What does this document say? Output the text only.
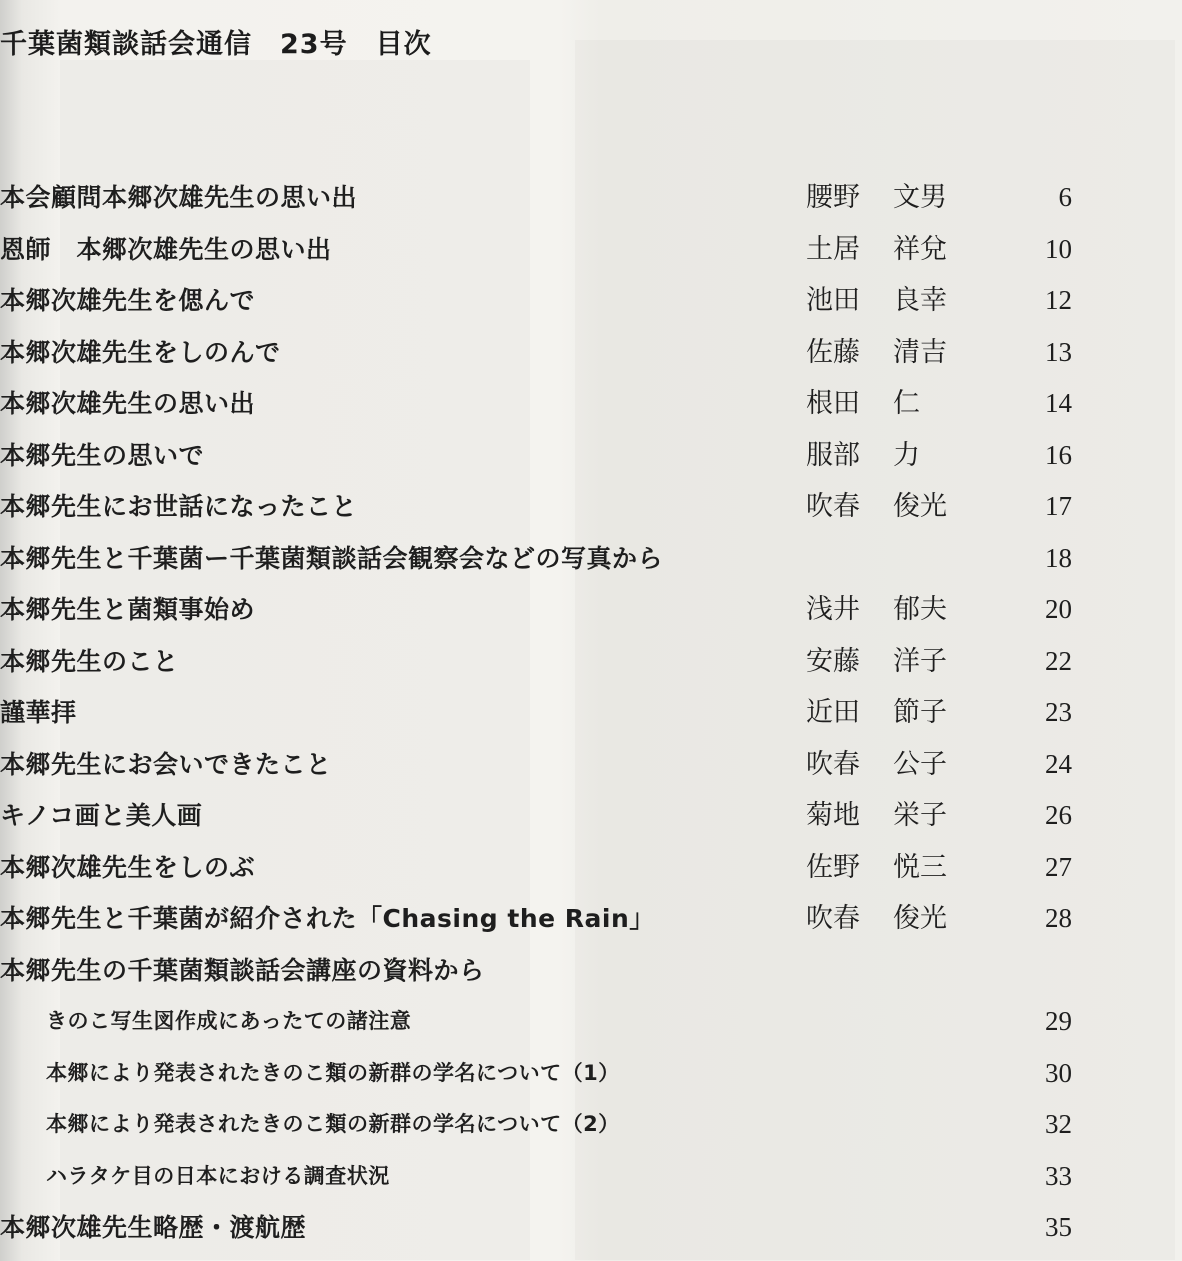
千葉菌類談話会通信　23号　目次
本会顧問本郷次雄先生の思い出	腰野 文男	6
恩師　本郷次雄先生の思い出	土居 祥兌	10
本郷次雄先生を偲んで	池田 良幸	12
本郷次雄先生をしのんで	佐藤 清吉	13
本郷次雄先生の思い出	根田 仁	14
本郷先生の思いで	服部 力	16
本郷先生にお世話になったこと	吹春 俊光	17
本郷先生と千葉菌ー千葉菌類談話会観察会などの写真から	18
本郷先生と菌類事始め	浅井 郁夫	20
本郷先生のこと	安藤 洋子	22
謹華拝	近田 節子	23
本郷先生にお会いできたこと	吹春 公子	24
キノコ画と美人画	菊地 栄子	26
本郷次雄先生をしのぶ	佐野 悦三	27
本郷先生と千葉菌が紹介された「Chasing the Rain」	吹春 俊光	28
本郷先生の千葉菌類談話会講座の資料から
きのこ写生図作成にあったての諸注意	29
本郷により発表されたきのこ類の新群の学名について（1）	30
本郷により発表されたきのこ類の新群の学名について（2）	32
ハラタケ目の日本における調査状況	33
本郷次雄先生略歴・渡航歴	35
